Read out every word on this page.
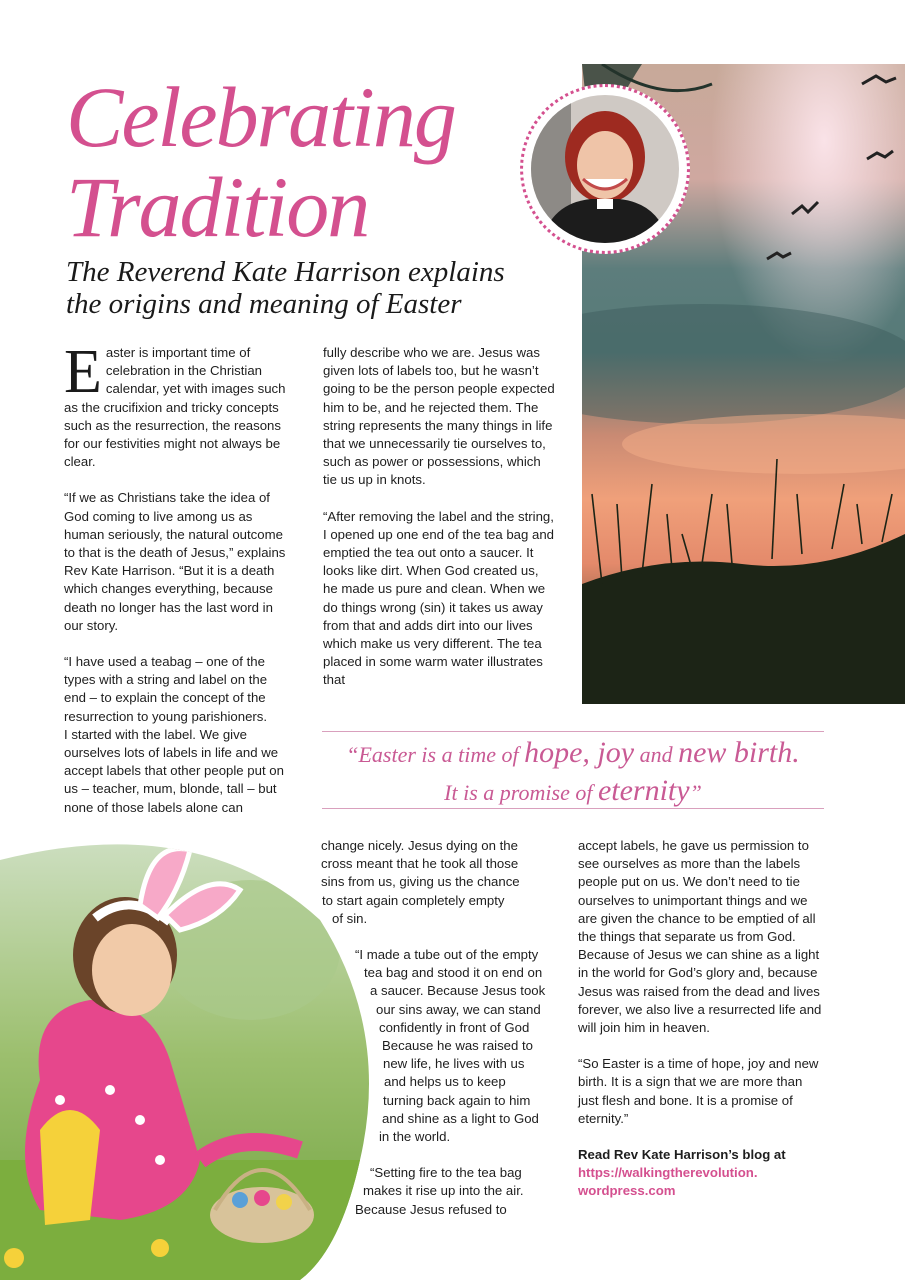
Celebrating
Tradition
The Reverend Kate Harrison explains
the origins and meaning of Easter

E aster is important time of celebration in the Christian calendar, yet with images such as the crucifixion and tricky concepts such as the resurrection, the reasons for our festivities might not always be clear.

“If we as Christians take the idea of God coming to live among us as human seriously, the natural outcome to that is the death of Jesus,” explains Rev Kate Harrison. “But it is a death which changes everything, because death no longer has the last word in our story.

“I have used a teabag – one of the types with a string and label on the end – to explain the concept of the resurrection to young parishioners.

I started with the label. We give ourselves lots of labels in life and we accept labels that other people put on us – teacher, mum, blonde, tall – but none of those labels alone can

fully describe who we are. Jesus was given lots of labels too, but he wasn’t going to be the person people expected him to be, and he rejected them. The string represents the many things in life that we unnecessarily tie ourselves to, such as power or possessions, which tie us up in knots.

“After removing the label and the string, I opened up one end of the tea bag and emptied the tea out onto a saucer. It looks like dirt. When God created us, he made us pure and clean. When we do things wrong (sin) it takes us away from that and adds dirt into our lives which make us very different. The tea placed in some warm water illustrates that

“Easter is a time of hope, joy and new birth.
It is a promise of eternity”
change nicely. Jesus dying on the
cross meant that he took all those
sins from us, giving us the chance
to start again completely empty
of sin.
“I made a tube out of the empty
tea bag and stood it on end on
a saucer. Because Jesus took
our sins away, we can stand
confidently in front of God
Because he was raised to
new life, he lives with us
and helps us to keep
turning back again to him
and shine as a light to God
in the world.
“Setting fire to the tea bag
makes it rise up into the air.
Because Jesus refused to

accept labels, he gave us permission to see ourselves as more than the labels people put on us. We don’t need to tie ourselves to unimportant things and we are given the chance to be emptied of all the things that separate us from God. Because of Jesus we can shine as a light in the world for God’s glory and, because Jesus was raised from the dead and lives forever, we also live a resurrected life and will join him in heaven.

“So Easter is a time of hope, joy and new birth. It is a sign that we are more than just flesh and bone. It is a promise of eternity.”

Read Rev Kate Harrison’s blog at
https://walkingtherevolution.
wordpress.com
